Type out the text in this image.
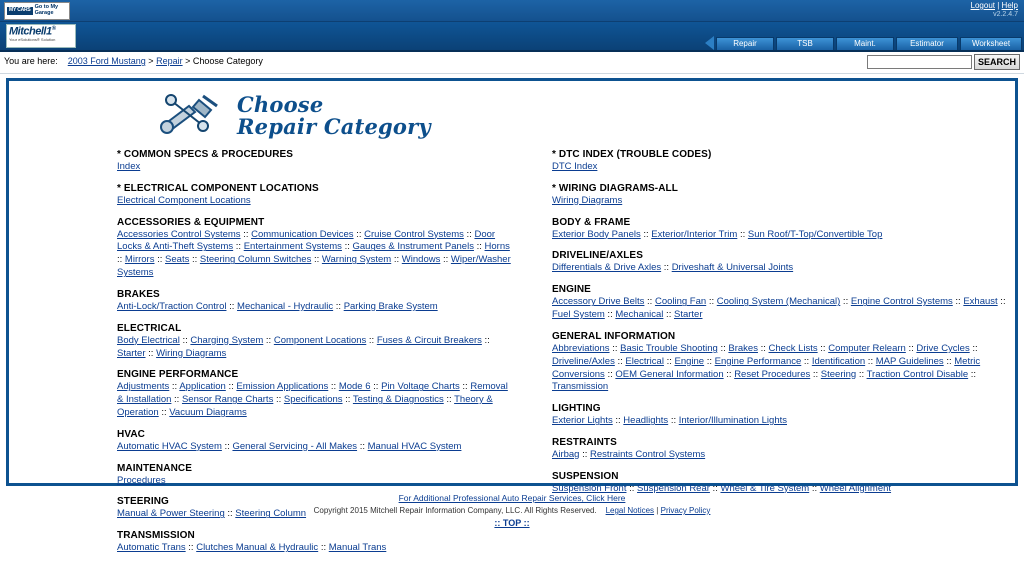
MY CARS
Go to My Garage
Logout | Help
v2.2.4.7
Mitchell1®
Your eSolutions® Solution	Repair	TSB	Maint.	Estimator	Worksheet
You are here: 2003 Ford Mustang > Repair > Choose Category	SEARCH
Choose
Repair Category
* COMMON SPECS & PROCEDURES
Index
* ELECTRICAL COMPONENT LOCATIONS
Electrical Component Locations
ACCESSORIES & EQUIPMENT
Accessories Control Systems :: Communication Devices :: Cruise Control Systems :: Door Locks & Anti-Theft Systems :: Entertainment Systems :: Gauges & Instrument Panels :: Horns :: Mirrors :: Seats :: Steering Column Switches :: Warning System :: Windows :: Wiper/Washer Systems
BRAKES
Anti-Lock/Traction Control :: Mechanical - Hydraulic :: Parking Brake System
ELECTRICAL
Body Electrical :: Charging System :: Component Locations :: Fuses & Circuit Breakers :: Starter :: Wiring Diagrams
ENGINE PERFORMANCE
Adjustments :: Application :: Emission Applications :: Mode 6 :: Pin Voltage Charts :: Removal & Installation :: Sensor Range Charts :: Specifications :: Testing & Diagnostics :: Theory & Operation :: Vacuum Diagrams
HVAC
Automatic HVAC System :: General Servicing - All Makes :: Manual HVAC System
MAINTENANCE
Procedures
STEERING
Manual & Power Steering :: Steering Column
TRANSMISSION
Automatic Trans :: Clutches Manual & Hydraulic :: Manual Trans
* DTC INDEX (TROUBLE CODES)
DTC Index
* WIRING DIAGRAMS-ALL
Wiring Diagrams
BODY & FRAME
Exterior Body Panels :: Exterior/Interior Trim :: Sun Roof/T-Top/Convertible Top
DRIVELINE/AXLES
Differentials & Drive Axles :: Driveshaft & Universal Joints
ENGINE
Accessory Drive Belts :: Cooling Fan :: Cooling System (Mechanical) :: Engine Control Systems :: Exhaust :: Fuel System :: Mechanical :: Starter
GENERAL INFORMATION
Abbreviations :: Basic Trouble Shooting :: Brakes :: Check Lists :: Computer Relearn :: Drive Cycles :: Driveline/Axles :: Electrical :: Engine :: Engine Performance :: Identification :: MAP Guidelines :: Metric Conversions :: OEM General Information :: Reset Procedures :: Steering :: Traction Control Disable :: Transmission
LIGHTING
Exterior Lights :: Headlights :: Interior/Illumination Lights
RESTRAINTS
Airbag :: Restraints Control Systems
SUSPENSION
Suspension Front :: Suspension Rear :: Wheel & Tire System :: Wheel Alignment
For Additional Professional Auto Repair Services, Click Here
Copyright 2015 Mitchell Repair Information Company, LLC. All Rights Reserved. Legal Notices | Privacy Policy
:: TOP ::
